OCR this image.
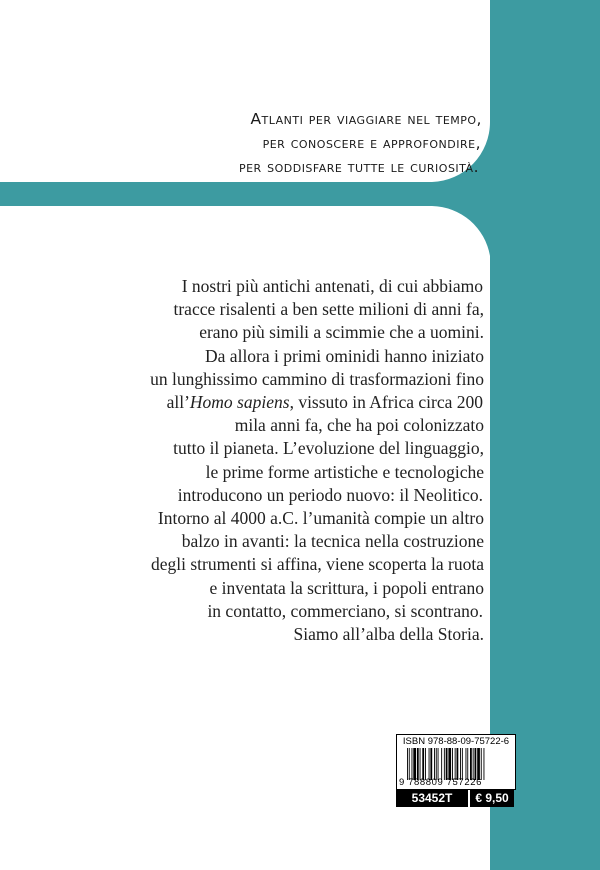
Atlanti per viaggiare nel tempo,
per conoscere e approfondire,
per soddisfare tutte le curiosità.
I nostri più antichi antenati, di cui abbiamo
tracce risalenti a ben sette milioni di anni fa,
erano più simili a scimmie che a uomini.
Da allora i primi ominidi hanno iniziato
un lunghissimo cammino di trasformazioni fino
all’Homo sapiens, vissuto in Africa circa 200
mila anni fa, che ha poi colonizzato
tutto il pianeta. L’evoluzione del linguaggio,
le prime forme artistiche e tecnologiche
introducono un periodo nuovo: il Neolitico.
Intorno al 4000 a.C. l’umanità compie un altro
balzo in avanti: la tecnica nella costruzione
degli strumenti si affina, viene scoperta la ruota
e inventata la scrittura, i popoli entrano
in contatto, commerciano, si scontrano.
Siamo all’alba della Storia.
ISBN 978-88-09-75722-6
9 788809 757226
53452T	€ 9,50
